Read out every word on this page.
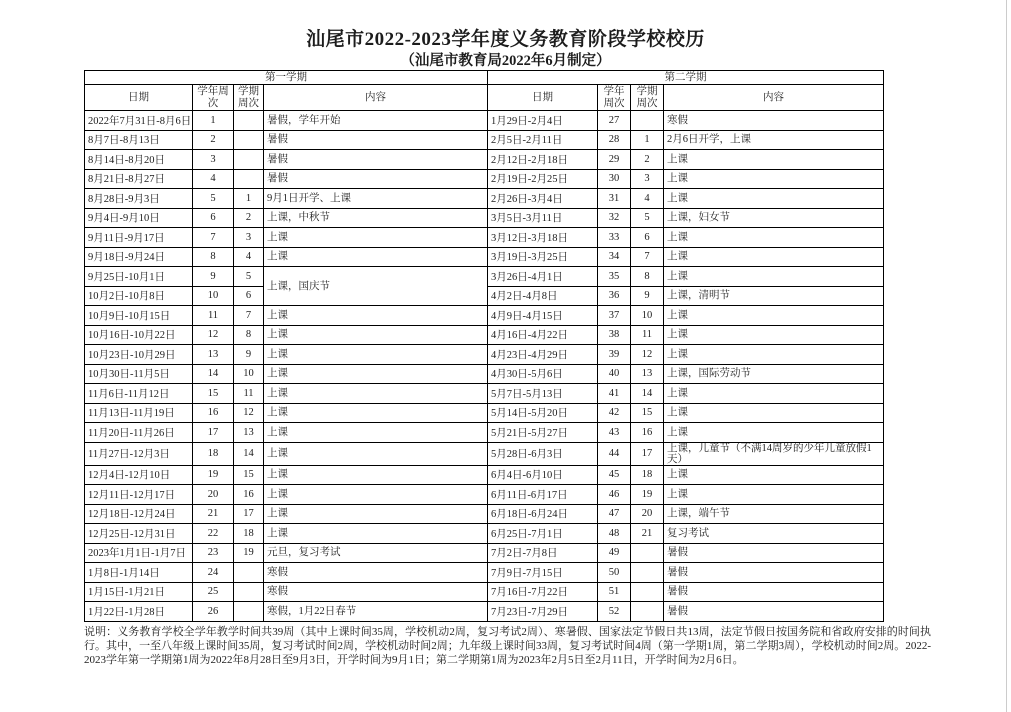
汕尾市2022-2023学年度义务教育阶段学校校历
（汕尾市教育局2022年6月制定）
第一学期				第二学期			
日期	学年周次	学期周次	内容	日期	学年周次	学期周次	内容
2022年7月31日-8月6日	1		暑假，学年开始	1月29日-2月4日	27		寒假
8月7日-8月13日	2		暑假	2月5日-2月11日	28	1	2月6日开学，上课
8月14日-8月20日	3		暑假	2月12日-2月18日	29	2	上课
8月21日-8月27日	4		暑假	2月19日-2月25日	30	3	上课
8月28日-9月3日	5	1	9月1日开学、上课	2月26日-3月4日	31	4	上课
9月4日-9月10日	6	2	上课，中秋节	3月5日-3月11日	32	5	上课，妇女节
9月11日-9月17日	7	3	上课	3月12日-3月18日	33	6	上课
9月18日-9月24日	8	4	上课	3月19日-3月25日	34	7	上课
9月25日-10月1日	9	5	上课，国庆节	3月26日-4月1日	35	8	上课
10月2日-10月8日	10	6		4月2日-4月8日	36	9	上课，清明节
10月9日-10月15日	11	7	上课	4月9日-4月15日	37	10	上课
10月16日-10月22日	12	8	上课	4月16日-4月22日	38	11	上课
10月23日-10月29日	13	9	上课	4月23日-4月29日	39	12	上课
10月30日-11月5日	14	10	上课	4月30日-5月6日	40	13	上课，国际劳动节
11月6日-11月12日	15	11	上课	5月7日-5月13日	41	14	上课
11月13日-11月19日	16	12	上课	5月14日-5月20日	42	15	上课
11月20日-11月26日	17	13	上课	5月21日-5月27日	43	16	上课
11月27日-12月3日	18	14	上课	5月28日-6月3日	44	17	上课，儿童节（不满14周岁的少年儿童放假1天）
12月4日-12月10日	19	15	上课	6月4日-6月10日	45	18	上课
12月11日-12月17日	20	16	上课	6月11日-6月17日	46	19	上课
12月18日-12月24日	21	17	上课	6月18日-6月24日	47	20	上课，端午节
12月25日-12月31日	22	18	上课	6月25日-7月1日	48	21	复习考试
2023年1月1日-1月7日	23	19	元旦，复习考试	7月2日-7月8日	49		暑假
1月8日-1月14日	24		寒假	7月9日-7月15日	50		暑假
1月15日-1月21日	25		寒假	7月16日-7月22日	51		暑假
1月22日-1月28日	26		寒假，1月22日春节	7月23日-7月29日	52		暑假
说明：义务教育学校全学年教学时间共39周（其中上课时间35周，学校机动2周，复习考试2周）、寒暑假、国家法定节假日共13周，法定节假日按国务院和省政府安排的时间执行。其中，一至八年级上课时间35周，复习考试时间2周，学校机动时间2周；九年级上课时间33周，复习考试时间4周（第一学期1周，第二学期3周），学校机动时间2周。2022-2023学年第一学期第1周为2022年8月28日至9月3日，开学时间为9月1日；第二学期第1周为2023年2月5日至2月11日，开学时间为2月6日。
